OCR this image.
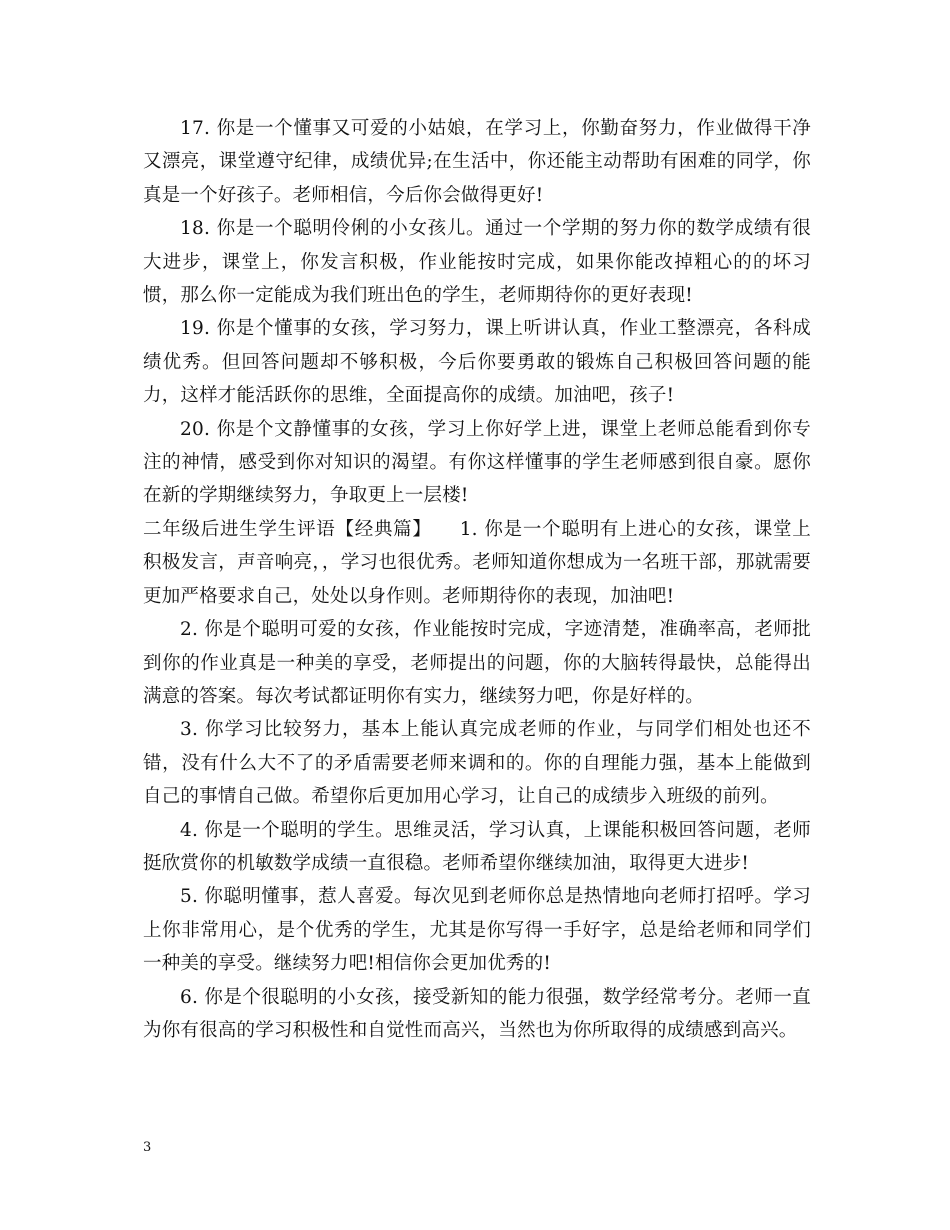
17. 你是一个懂事又可爱的小姑娘，在学习上，你勤奋努力，作业做得干净又漂亮，课堂遵守纪律，成绩优异;在生活中，你还能主动帮助有困难的同学，你真是一个好孩子。老师相信，今后你会做得更好!

18. 你是一个聪明伶俐的小女孩儿。通过一个学期的努力你的数学成绩有很大进步，课堂上，你发言积极，作业能按时完成，如果你能改掉粗心的的坏习惯，那么你一定能成为我们班出色的学生，老师期待你的更好表现!

19. 你是个懂事的女孩，学习努力，课上听讲认真，作业工整漂亮，各科成绩优秀。但回答问题却不够积极，今后你要勇敢的锻炼自己积极回答问题的能力，这样才能活跃你的思维，全面提高你的成绩。加油吧，孩子!

20. 你是个文静懂事的女孩，学习上你好学上进，课堂上老师总能看到你专注的神情，感受到你对知识的渴望。有你这样懂事的学生老师感到很自豪。愿你在新的学期继续努力，争取更上一层楼!

二年级后进生学生评语【经典篇】 1. 你是一个聪明有上进心的女孩，课堂上积极发言，声音响亮，，学习也很优秀。老师知道你想成为一名班干部，那就需要更加严格要求自己，处处以身作则。老师期待你的表现，加油吧!

2. 你是个聪明可爱的女孩，作业能按时完成，字迹清楚，准确率高，老师批到你的作业真是一种美的享受，老师提出的问题，你的大脑转得最快，总能得出满意的答案。每次考试都证明你有实力，继续努力吧，你是好样的。

3. 你学习比较努力，基本上能认真完成老师的作业，与同学们相处也还不错，没有什么大不了的矛盾需要老师来调和的。你的自理能力强，基本上能做到自己的事情自己做。希望你后更加用心学习，让自己的成绩步入班级的前列。

4. 你是一个聪明的学生。思维灵活，学习认真，上课能积极回答问题，老师挺欣赏你的机敏数学成绩一直很稳。老师希望你继续加油，取得更大进步!

5. 你聪明懂事，惹人喜爱。每次见到老师你总是热情地向老师打招呼。学习上你非常用心，是个优秀的学生，尤其是你写得一手好字，总是给老师和同学们一种美的享受。继续努力吧!相信你会更加优秀的!

6. 你是个很聪明的小女孩，接受新知的能力很强，数学经常考分。老师一直为你有很高的学习积极性和自觉性而高兴，当然也为你所取得的成绩感到高兴。

3
